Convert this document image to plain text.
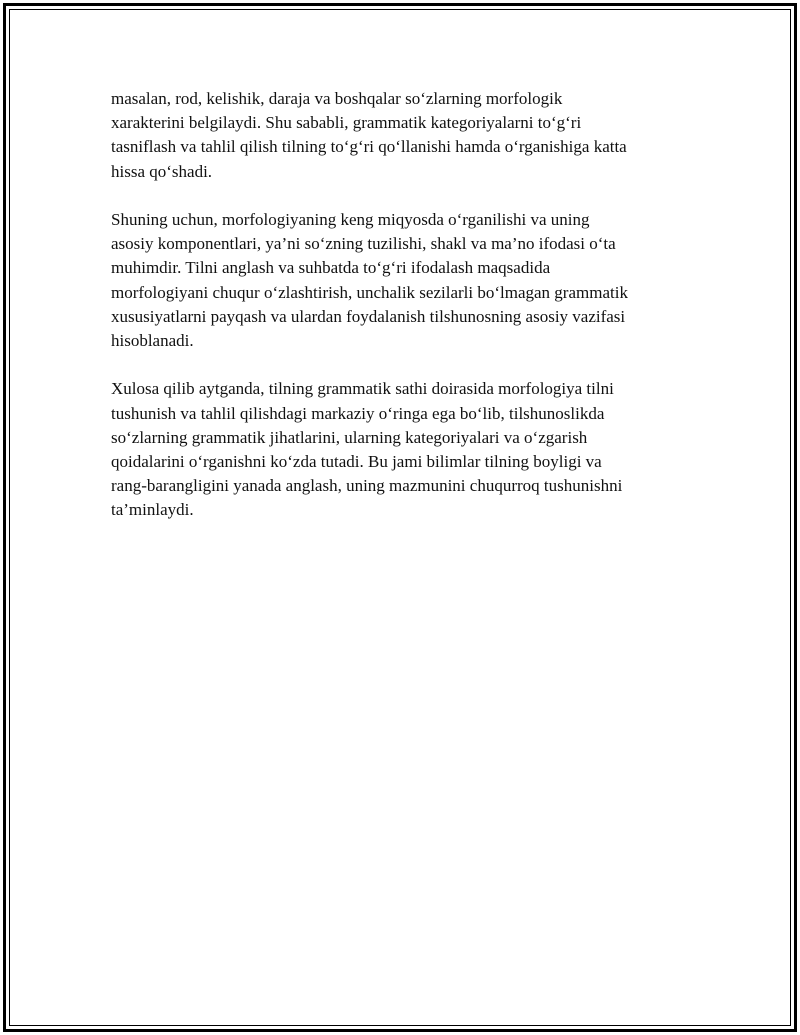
masalan, rod, kelishik, daraja va boshqalar so‘zlarning morfologik
xarakterini belgilaydi. Shu sababli, grammatik kategoriyalarni to‘g‘ri
tasniflash va tahlil qilish tilning to‘g‘ri qo‘llanishi hamda o‘rganishiga katta
hissa qo‘shadi.

Shuning uchun, morfologiyaning keng miqyosda o‘rganilishi va uning
asosiy komponentlari, ya’ni so‘zning tuzilishi, shakl va ma’no ifodasi o‘ta
muhimdir. Tilni anglash va suhbatda to‘g‘ri ifodalash maqsadida
morfologiyani chuqur o‘zlashtirish, unchalik sezilarli bo‘lmagan grammatik
xususiyatlarni payqash va ulardan foydalanish tilshunosning asosiy vazifasi
hisoblanadi.

Xulosa qilib aytganda, tilning grammatik sathi doirasida morfologiya tilni
tushunish va tahlil qilishdagi markaziy o‘ringa ega bo‘lib, tilshunoslikda
so‘zlarning grammatik jihatlarini, ularning kategoriyalari va o‘zgarish
qoidalarini o‘rganishni ko‘zda tutadi. Bu jami bilimlar tilning boyligi va
rang-barangligini yanada anglash, uning mazmunini chuqurroq tushunishni
ta’minlaydi.
